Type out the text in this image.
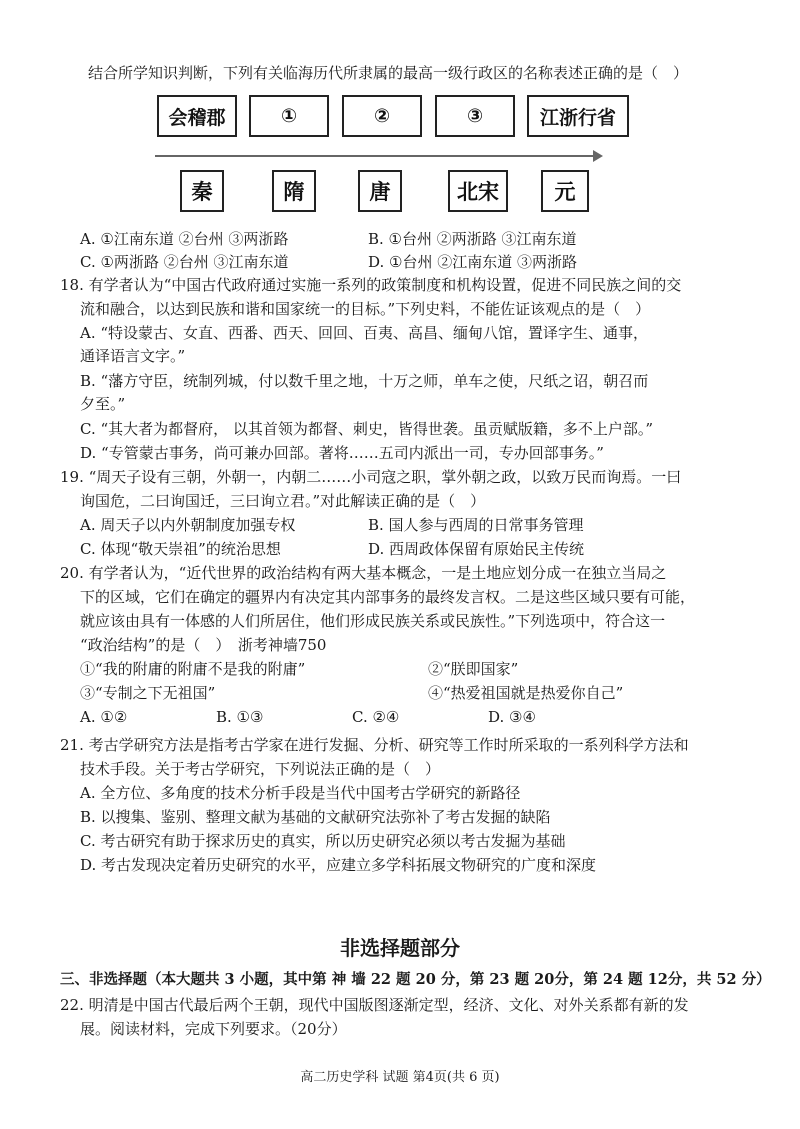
结合所学知识判断，下列有关临海历代所隶属的最高一级行政区的名称表述正确的是（　）
会稽郡	①	②	③	江浙行省
秦	隋	唐	北宋	元
A. ①江南东道 ②台州 ③两浙路	B. ①台州 ②两浙路 ③江南东道
C. ①两浙路 ②台州 ③江南东道	D. ①台州 ②江南东道 ③两浙路
18. 有学者认为“中国古代政府通过实施一系列的政策制度和机构设置，促进不同民族之间的交
流和融合，以达到民族和谐和国家统一的目标。”下列史料，不能佐证该观点的是（　）
A. “特设蒙古、女直、西番、西天、回回、百夷、高昌、缅甸八馆，置译字生、通事，
通译语言文字。”
B. “藩方守臣，统制列城，付以数千里之地，十万之师，单车之使，尺纸之诏，朝召而
夕至。”
C. “其大者为都督府， 以其首领为都督、刺史，皆得世袭。虽贡赋版籍，多不上户部。”
D. “专管蒙古事务，尚可兼办回部。著将……五司内派出一司，专办回部事务。”
19. “周天子设有三朝，外朝一，内朝二……小司寇之职，掌外朝之政，以致万民而询焉。一曰
询国危，二曰询国迁，三曰询立君。”对此解读正确的是（　）
A. 周天子以内外朝制度加强专权	B. 国人参与西周的日常事务管理
C. 体现“敬天崇祖”的统治思想	D. 西周政体保留有原始民主传统
20. 有学者认为，“近代世界的政治结构有两大基本概念，一是土地应划分成一在独立当局之
下的区域，它们在确定的疆界内有决定其内部事务的最终发言权。二是这些区域只要有可能，
就应该由具有一体感的人们所居住，他们形成民族关系或民族性。”下列选项中，符合这一
“政治结构”的是（　）　浙考神墙750
①“我的附庸的附庸不是我的附庸”	②“朕即国家”
③“专制之下无祖国”	④“热爱祖国就是热爱你自己”
A. ①②	B. ①③	C. ②④	D. ③④
21. 考古学研究方法是指考古学家在进行发掘、分析、研究等工作时所采取的一系列科学方法和
技术手段。关于考古学研究，下列说法正确的是（　）
A. 全方位、多角度的技术分析手段是当代中国考古学研究的新路径
B. 以搜集、鉴别、整理文献为基础的文献研究法弥补了考古发掘的缺陷
C. 考古研究有助于探求历史的真实，所以历史研究必须以考古发掘为基础
D. 考古发现决定着历史研究的水平，应建立多学科拓展文物研究的广度和深度
非选择题部分
三、非选择题（本大题共 3 小题，其中第 神 墙 22 题 20 分，第 23 题 20分，第 24 题 12分，共 52 分）
22. 明清是中国古代最后两个王朝，现代中国版图逐渐定型，经济、文化、对外关系都有新的发
展。阅读材料，完成下列要求。（20分）
高二历史学科 试题 第4页(共 6 页)
